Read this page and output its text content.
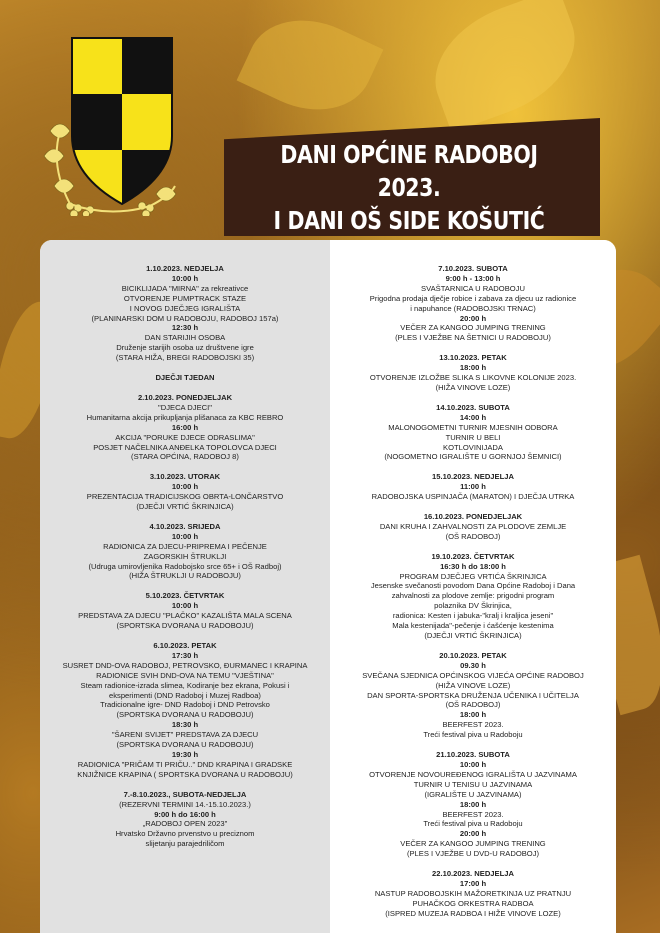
DANI OPĆINE RADOBOJ 2023.
I DANI OŠ SIDE KOŠUTIĆ
1.10.2023. NEDJELJA
10:00 h
BICIKLIJADA "MIRNA" za rekreativce
OTVORENJE PUMPTRACK STAZE
I NOVOG DJEČJEG IGRALIŠTA
(PLANINARSKI DOM U RADOBOJU, RADOBOJ 157a)
12:30 h
DAN STARIJIH OSOBA
Druženje starijih osoba uz društvene igre
(STARA HIŽA, BREGI RADOBOJSKI 35)
DJEČJI TJEDAN
2.10.2023. PONEDJELJAK
"DJECA DJECI"
Humanitarna akcija prikupljanja plišanaca za KBC REBRO
16:00 h
AKCIJA "PORUKE DJECE ODRASLIMA"
POSJET NAČELNIKA ANĐELKA TOPOLOVCA DJECI
(STARA OPĆINA, RADOBOJ 8)
3.10.2023. UTORAK
10:00 h
PREZENTACIJA TRADICIJSKOG OBRTA-LONČARSTVO
(DJEČJI VRTIĆ ŠKRINJICA)
4.10.2023. SRIJEDA
10:00 h
RADIONICA ZA DJECU-PRIPREMA I PEČENJE
ZAGORSKIH ŠTRUKLJI
(Udruga umirovljenika Radobojsko srce 65+ i OŠ Radboj)
(HIŽA ŠTRUKLJI U RADOBOJU)
5.10.2023. ČETVRTAK
10:00 h
PREDSTAVA ZA DJECU "PLAČKO" KAZALIŠTA MALA SCENA
(SPORTSKA DVORANA U RADOBOJU)
6.10.2023. PETAK
17:30 h
SUSRET DND-OVA RADOBOJ, PETROVSKO, ĐURMANEC I KRAPINA
RADIONICE SVIH DND-OVA NA TEMU "VJEŠTINA"
Steam radionice-izrada slimea, Kodiranje bez ekrana, Pokusi i
eksperimenti (DND Radoboj i Muzej Radboa)
Tradicionalne igre- DND Radoboj i DND Petrovsko
(SPORTSKA DVORANA U RADOBOJU)
18:30 h
"ŠARENI SVIJET" PREDSTAVA ZA DJECU
(SPORTSKA DVORANA U RADOBOJU)
19:30 h
RADIONICA "PRIČAM TI PRIČU.." DND KRAPINA I GRADSKE
KNJIŽNICE KRAPINA ( SPORTSKA DVORANA U RADOBOJU)
7.-8.10.2023., SUBOTA-NEDJELJA
(REZERVNI TERMINI 14.-15.10.2023.)
9:00 h do 16:00 h
„RADOBOJ OPEN 2023"
Hrvatsko Državno prvenstvo u preciznom
slijetanju parajedriličom
7.10.2023. SUBOTA
9:00 h - 13:00 h
SVAŠTARNICA U RADOBOJU
Prigodna prodaja dječje robice i zabava za djecu uz radionice
i napuhance (RADOBOJSKI TRNAC)
20:00 h
VEČER ZA KANGOO JUMPING TRENING
(PLES I VJEŽBE NA ŠETNICI U RADOBOJU)
13.10.2023. PETAK
18:00 h
OTVORENJE IZLOŽBE SLIKA S LIKOVNE KOLONIJE 2023.
(HIŽA VINOVE LOZE)
14.10.2023. SUBOTA
14:00 h
MALONOGOMETNI TURNIR MJESNIH ODBORA
TURNIR U BELI
KOTLOVINIJADA
(NOGOMETNO IGRALIŠTE U GORNJOJ ŠEMNICI)
15.10.2023. NEDJELJA
11:00 h
RADOBOJSKA USPINJAČA (MARATON) I DJEČJA UTRKA
16.10.2023. PONEDJELJAK
DANI KRUHA I ZAHVALNOSTI ZA PLODOVE ZEMLJE
(OŠ RADOBOJ)
19.10.2023. ČETVRTAK
16:30 h do 18:00 h
PROGRAM DJEČJEG VRTIĆA ŠKRINJICA
Jesenske svečanosti povodom Dana Općine Radoboj i Dana
zahvalnosti za plodove zemlje: prigodni program
polaznika DV Škrinjica,
radionica: Kesten i jabuka-"kralj i kraljica jeseni"
Mala kestenijada"-pečenje i ćašćenje kestenima
(DJEČJI VRTIĆ ŠKRINJICA)
20.10.2023. PETAK
09.30 h
SVEČANA SJEDNICA OPĆINSKOG VIJEĆA OPĆINE RADOBOJ
(HIŽA VINOVE LOZE)
DAN SPORTA-SPORTSKA DRUŽENJA UČENIKA I UČITELJA
(OŠ RADOBOJ)
18:00 h
BEERFEST 2023.
Treći festival piva u Radoboju
21.10.2023. SUBOTA
10:00 h
OTVORENJE NOVOUREĐENOG IGRALIŠTA U JAZVINAMA
TURNIR U TENISU U JAZVINAMA
(IGRALIŠTE U JAZVINAMA)
18:00 h
BEERFEST 2023.
Treći festival piva u Radoboju
20:00 h
VEČER ZA KANGOO JUMPING TRENING
(PLES I VJEŽBE U DVD-U RADOBOJ)
22.10.2023. NEDJELJA
17:00 h
NASTUP RADOBOJSKIH MAŽORETKINJA UZ PRATNJU
PUHAČKOG ORKESTRA RADBOA
(ISPRED MUZEJA RADBOA I HIŽE VINOVE LOZE)
